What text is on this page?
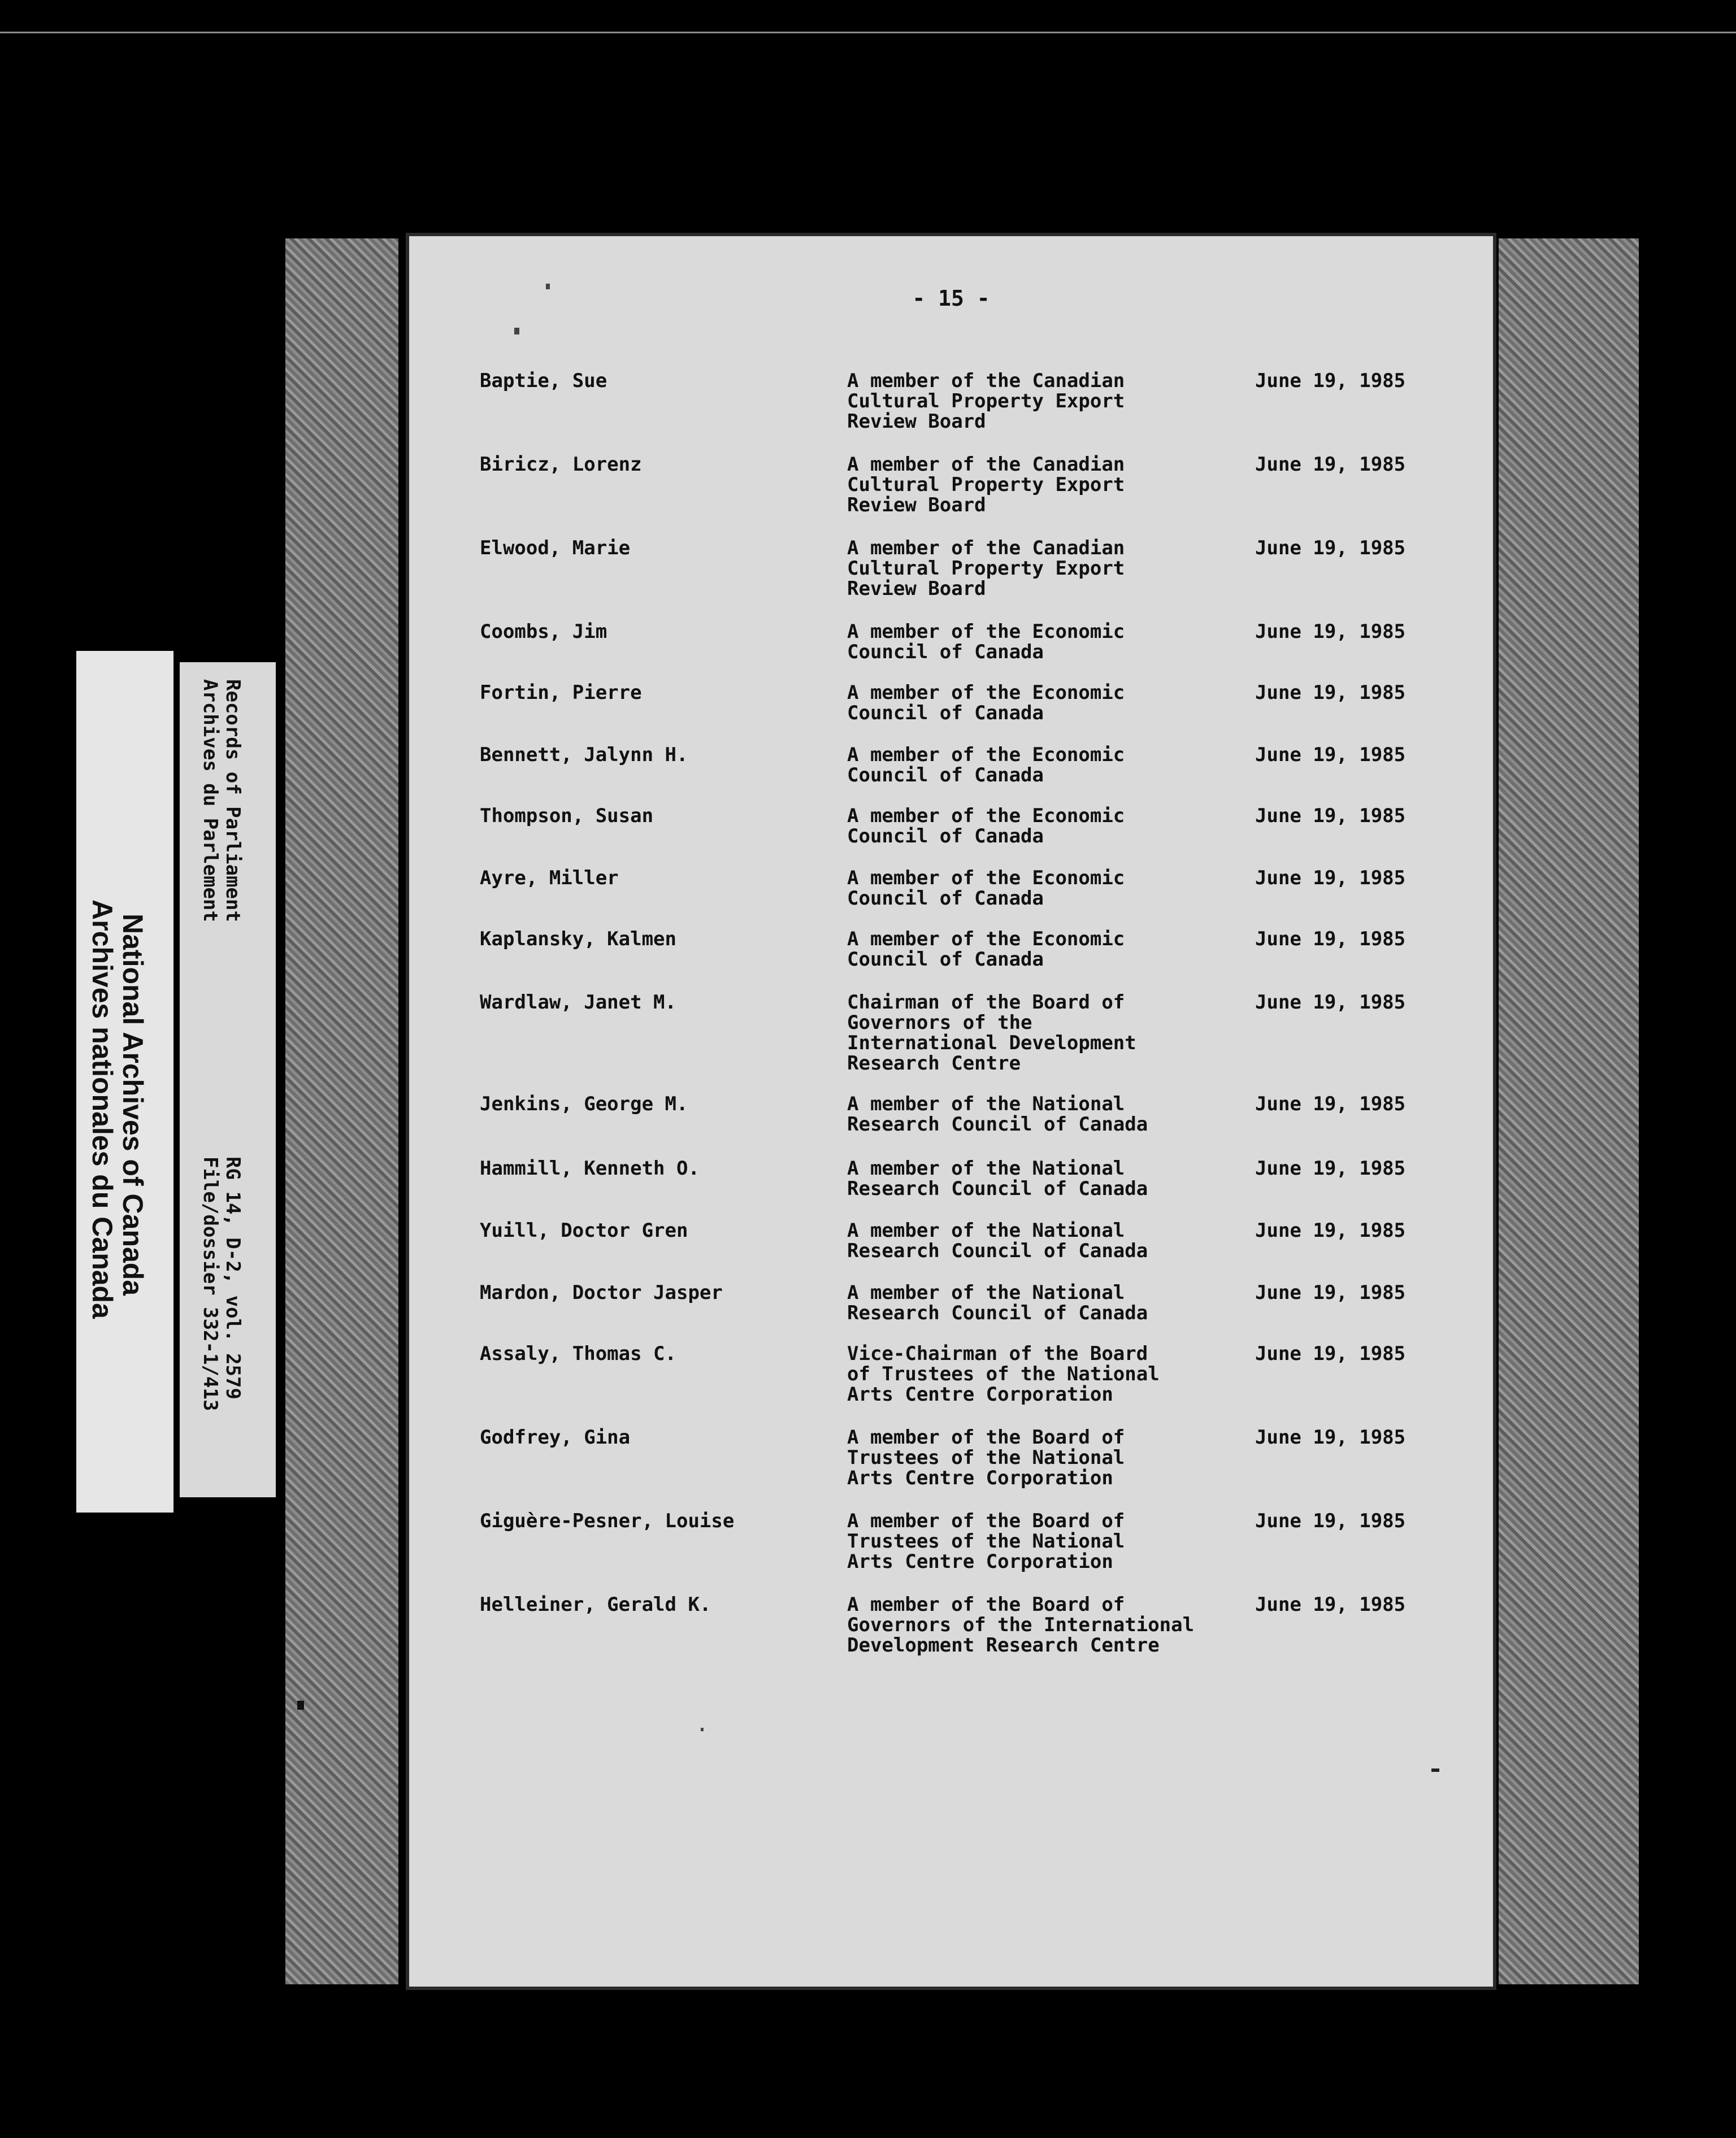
- 15 -
Baptie, Sue	A member of the Canadian
Cultural Property Export
Review Board
June 19, 1985
Biricz, Lorenz	A member of the Canadian
Cultural Property Export
Review Board
June 19, 1985
Elwood, Marie	A member of the Canadian
Cultural Property Export
Review Board
June 19, 1985
Coombs, Jim	A member of the Economic
Council of Canada
June 19, 1985
Fortin, Pierre	A member of the Economic
Council of Canada
June 19, 1985
Bennett, Jalynn H.	A member of the Economic
Council of Canada
June 19, 1985
Thompson, Susan	A member of the Economic
Council of Canada
June 19, 1985
Ayre, Miller	A member of the Economic
Council of Canada
June 19, 1985
Kaplansky, Kalmen	A member of the Economic
Council of Canada
June 19, 1985
Wardlaw, Janet M.	Chairman of the Board of
Governors of the
International Development
Research Centre
June 19, 1985
Jenkins, George M.	A member of the National
Research Council of Canada
June 19, 1985
Hammill, Kenneth O.	A member of the National
Research Council of Canada
June 19, 1985
Yuill, Doctor Gren	A member of the National
Research Council of Canada
June 19, 1985
Mardon, Doctor Jasper	A member of the National
Research Council of Canada
June 19, 1985
Assaly, Thomas C.	Vice-Chairman of the Board
of Trustees of the National
Arts Centre Corporation
June 19, 1985
Godfrey, Gina	A member of the Board of
Trustees of the National
Arts Centre Corporation
June 19, 1985
Giguère-Pesner, Louise	A member of the Board of
Trustees of the National
Arts Centre Corporation
June 19, 1985
Helleiner, Gerald K.	A member of the Board of
Governors of the International
Development Research Centre
June 19, 1985
National Archives of Canada
Archives nationales du Canada
Records of Parliament
Archives du Parlement
RG 14, D-2, vol. 2579
File/dossier 332-1/413
